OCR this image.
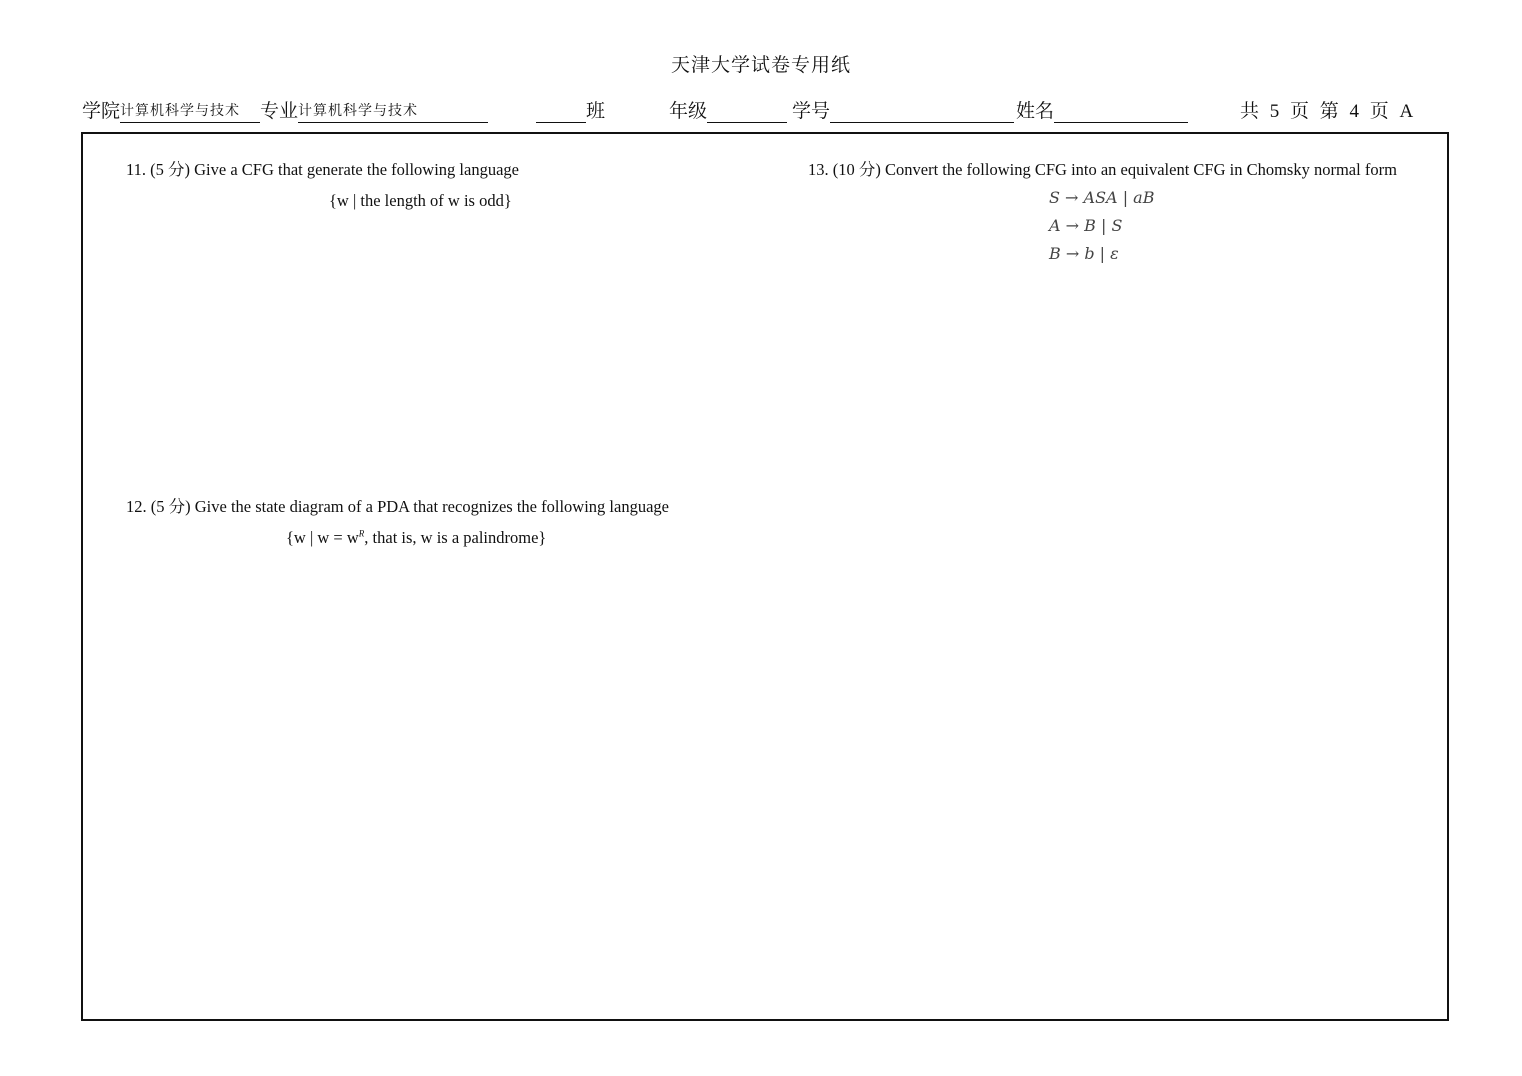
天津大学试卷专用纸
学院计算机科学与技术 专业计算机科学与技术	班	年级	学号	姓名	共 5 页 第 4 页 A
11. (5 分) Give a CFG that generate the following language
{w | the length of w is odd}
12. (5 分) Give the state diagram of a PDA that recognizes the following language
{w | $w = w^R$, that is, w is a palindrome}
13. (10 分) Convert the following CFG into an equivalent CFG in Chomsky normal form
S → ASA | aB
A → B | S
B → b | ε
